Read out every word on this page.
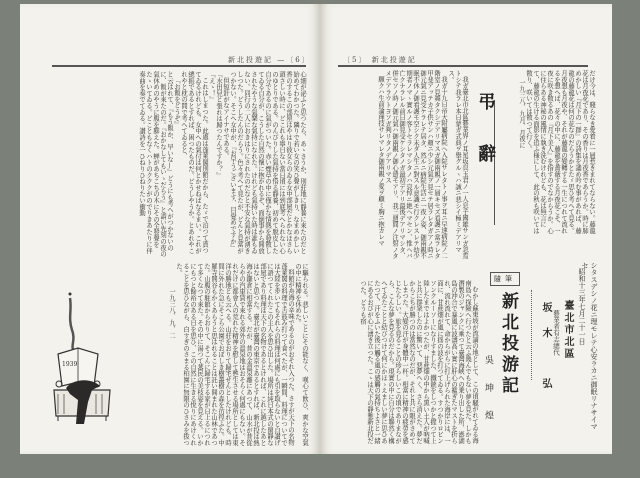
新北投遊記 —〔6〕

心細が泌ふと思つたら、あゝさうか、別莊地に靜養に來たのだと始めてわかつた。隣りで若い女の笑ひ聲がしきり、なまめかしい香のするこの部屋はやはり彼女らのゐる女中部屋だとかなほさら頭さしい時に、どこれも寧日ない當日頃には到底考へられない心のゆとりである。のんびりした氣持を悟る靜養、初めて脱皮した自分であるのに氣がついた。赤い煙草の中に僅かな情熱を發散してゐる自分が、こうした自然の懷に抱かれるぞ、面倒事から開放されたやうな氣樂な氣持になれた。けれども氣持いた時は誰もゐない。同行の二人におきはりにされたのだなと不安な氣持が湧きしつた。どうしたんのだらう。色々考へて見たが、どんと見當がつかない。そこへ女中が、『お早うございます、目覺めですか』

但短針がなアイナサである。

『水田兒と張れは歸つたんですか？』

『えゝ！』

これはしまつた。此處は蓬萊閣別館だから、たゞで泊つて貰つてゐるけれども、女中への氣付は何とかせねばなるまい。これが總振であるとすれば、困つたものだ。どうしやうか。とあれやこれやと枕の間で考へてゐると、

『お飯をどうぞ』

と云はれて、『もう飯か、早いな—』どうにも考へがつかないのに、飯が來たのだ。『おかなしてもいゝだらう』と謂い先刻の夜の氣休めのやうに腹を膨えた。蝉があちこちの木にその全發聲をたゝいてゐる。どこともなくハトのクククがのでりきあたりに伴奏曲を奏でてゐる。讃詩を一ひねりひねりたい衝動

に驅られる。悲しいことにその能なく、嘆心て飲ひ、爽かな空氣の中に精神を休めた。

料館が舟海の辛味であるのがおそれ入つた。さすが天下の名物蓬萊閣の料理で舌鼓み打つて食べたが、一瞬間、料理についてでは大陸を步いてもそれらの料理は何處にも引を取らないと自讃げに語つてくれたこの主人を思ひ出した。場所は純日本式の閑靜な部屋であり料理は天下の名物であるとければ、これに越したあとはないと思つた。臺北が臺灣の東京であるとすれば、新北投は熱海か鎌倉に相當する。だが、昔の金溫泉離にあつて、山水が昔從らやの汽車賃で來れる郊外の温泉地はおそらく何處にもない。それだけに都會人の荒れた精神を慰して甦生させる場所としては東洋の勝地とも云へる。山莊をおりて歸宅せんとしたけれども、時間に外れた急にそこら公園でおぼしき樹叢樹の森を彷徨ふた。中羅寺開谷もかくあらうと思はれることは託い開まれた山林であつた。山腹の駐館からおりて、そこんに歸宅する家が日上るにつれて多くなつて來た。その中に湯つて蕃民の美枝姿を見える。いかにもつと餘裕のある日を思ひ、この自然に生きる悦りにあけくれることを思ひながら、白すぎのさまる柏園に無限のひさみを抜つた。

一九三八、九、二

1939
〔5〕 新北投遊記

だけ今は、賤らなき愛着に一層惹きまれてならない。藤龍花は月夜花であり、その香りは月夜香であらうか。時に肺めかしい『月下の一群』の詩集を誦め吟む事があれば、藤龍の藤龍花は何の花なのだらうかとたゞ思ひ考へて見る。月夜想も月夜や、それが藤龍の變轉する一生につれて流れるを想へば、花々の中に、藤龍を薔薇する月夜花こそ、一夜に咲き散るあの『月下美人』を指すのでなからうか。心に住らある神秘の風情に執き洗むけれども、花は無言にて、藤龍の生ける面影を追ふ様にして、此の秋も咲いては散り、咲いては散つて行く。

一九三八、九月、月夜に

弔辭

我ガ臺北市北區藝業界ノ耳星坂良玉君ノ一人息子國雄サンガ忽焉トシテ我ラレ本日蒙ガ式典ヲ擧グルヽハ誠ニ悲シイ極ミデアリマス。

我ガ十九日帝大附屬病院ヘ入院サレタトノ事ヲ耳ニ早速病院ノ二階室ノ見舞タクシデアリマスガ御兩親ノ一層キセズ看護ニ當ラレタ甲斐アッテカ子供サンハ顏ニ少シ元氣ヲ見セテ居ラレタガアノ時ニ御元氣ニ見受ケラレテ居タ、然ルニ病院生活ニ一夜ノ姿、御兩親不眠不休ノ御看護モ空シク未ダ人生ニ對スル意識モ行クレスレテ幼少期者ノマヽ實ルノ客トセラレマシタノハ哀悼ニ絶ヘマセン、惟ヘバ亡クナラレル前日御見受ケシタノガ最初デアリ最後デアリマシタ、併セソノ時ノ御元氣ハ御兩親ノ御心遣モアリ、我三週間ノ注射ノタメデアラウトヨソガ判リタノデアリマス

願クハ生前論理技サレマレタ御兩親ノ愛ヲ顧ミ胸ニ抱カレマ

シタスデシノ花ニ理モレテ心安ラカニ御眠リナサイマセ
昭和十三年七月二十一日
臺北市北區
藝業者有志總代
坂 木 　 弘
隨筆
新北投游記
吳 坤 煌

むかし蘇東坡が流謫の地として、この頃騒がれてゐる海南島へ探險へ行つたと云ふ幾んでもない夢を見た。しかも潛製のジャンクに乘つて臺灣海峽への乗り出した所、澎湖島の沖合で暴風に波濤高い實に肝心の襤ぎたマストを折られ、流れ流れて、命からがらに打上げられた海岸には、一面に、甘蔗畑が風に揺の波を打つてゐる。すつかりロビンソンクルーソーになりすました、鐵銃をしつかと握つて上陸したまではよかつたが、甘蔗畑の中から黑い土人が吶喊と共に群衆したのに驚いて、惡夢へく、さら消えた。夢だからこちが勝つのは當然なのだが、それと共に眼がさめてしまつた。大變の汗が身體中一杯。相當に精神の疲勞を感じたらしい。旅を見ることの珍らしいこの頃でありまながら、こんな夢を見るのだから。現實の中に自分は聯然く構へてゐたことと結びつけて何にかほゝえましい夢に思ひあたつて、汗をふいた後に觸る風の感觸の氣持ちよさと一緒にあるおびが心に湧き立つた。こゝは天下の靜雅新北投だつた。どうも宿
